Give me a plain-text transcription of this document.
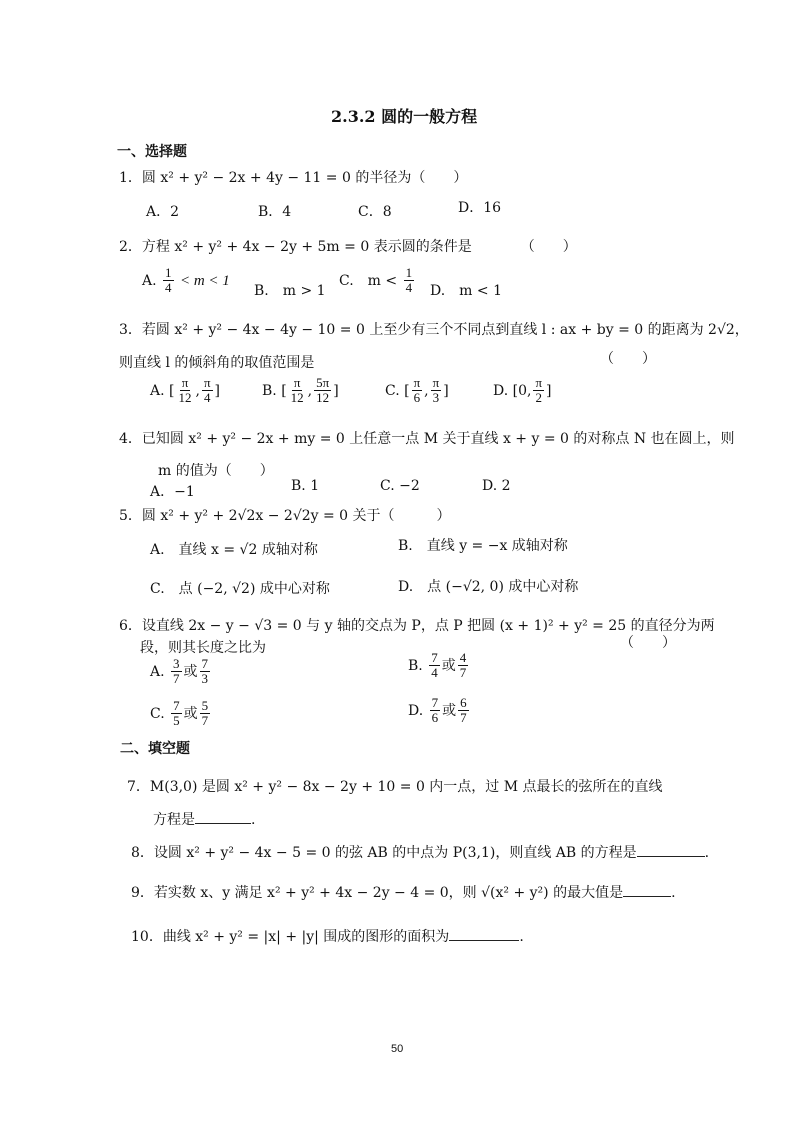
2.3.2 圆的一般方程
一、选择题
1．圆 x² + y² − 2x + 4y − 11 = 0 的半径为（　　）
A．2	B．4	C．8	D．16
2．方程 x² + y² + 4x − 2y + 5m = 0 表示圆的条件是　　　　（　　）
A. $\frac{1}{4} < m < 1$
B.　m > 1
C.　$m < \frac{1}{4} D$.　m < 1
3．若圆 x² + y² − 4x − 4y − 10 = 0 上至少有三个不同点到直线 l : ax + by = 0 的距离为 2√2，
则直线 l 的倾斜角的取值范围是	（　　）
A. [ $\frac{\pi}{12}$ , $\frac{\pi}{4}$ ]	B. [ $\frac{\pi}{12}$ , $\frac{5\pi}{12}$ ]	C. [ $\frac{\pi}{6}$ , $\frac{\pi}{3}$ ]	D. [0, $\frac{\pi}{2}$ ]
4．已知圆 x² + y² − 2x + my = 0 上任意一点 M 关于直线 x + y = 0 的对称点 N 也在圆上，则
m 的值为（　　）
A．−1	B. 1	C. −2	D. 2
5．圆 x² + y² + 2√2x − 2√2y = 0 关于（　　　）
A.　直线 x = √2 成轴对称	B.　直线 y = −x 成轴对称
C.　点 (−2, √2) 成中心对称	D.　点 (−√2, 0) 成中心对称
6．设直线 2x − y − √3 = 0 与 y 轴的交点为 P，点 P 把圆 (x + 1)² + y² = 25 的直径分为两
段，则其长度之比为	（　　）
A. $\frac{3}{7}$ 或 $\frac{7}{3}$	B. $\frac{7}{4}$ 或 $\frac{4}{7}$
C. $\frac{7}{5}$ 或 $\frac{5}{7}$	D. $\frac{7}{6}$ 或 $\frac{6}{7}$
二、填空题
7．M(3,0) 是圆 x² + y² − 8x − 2y + 10 = 0 内一点，过 M 点最长的弦所在的直线
方程是	.
8．设圆 x² + y² − 4x − 5 = 0 的弦 AB 的中点为 P(3,1)，则直线 AB 的方程是	.
9．若实数 x、y 满足 x² + y² + 4x − 2y − 4 = 0，则 √(x² + y²) 的最大值是	.
10．曲线 x² + y² = |x| + |y| 围成的图形的面积为	.
50
